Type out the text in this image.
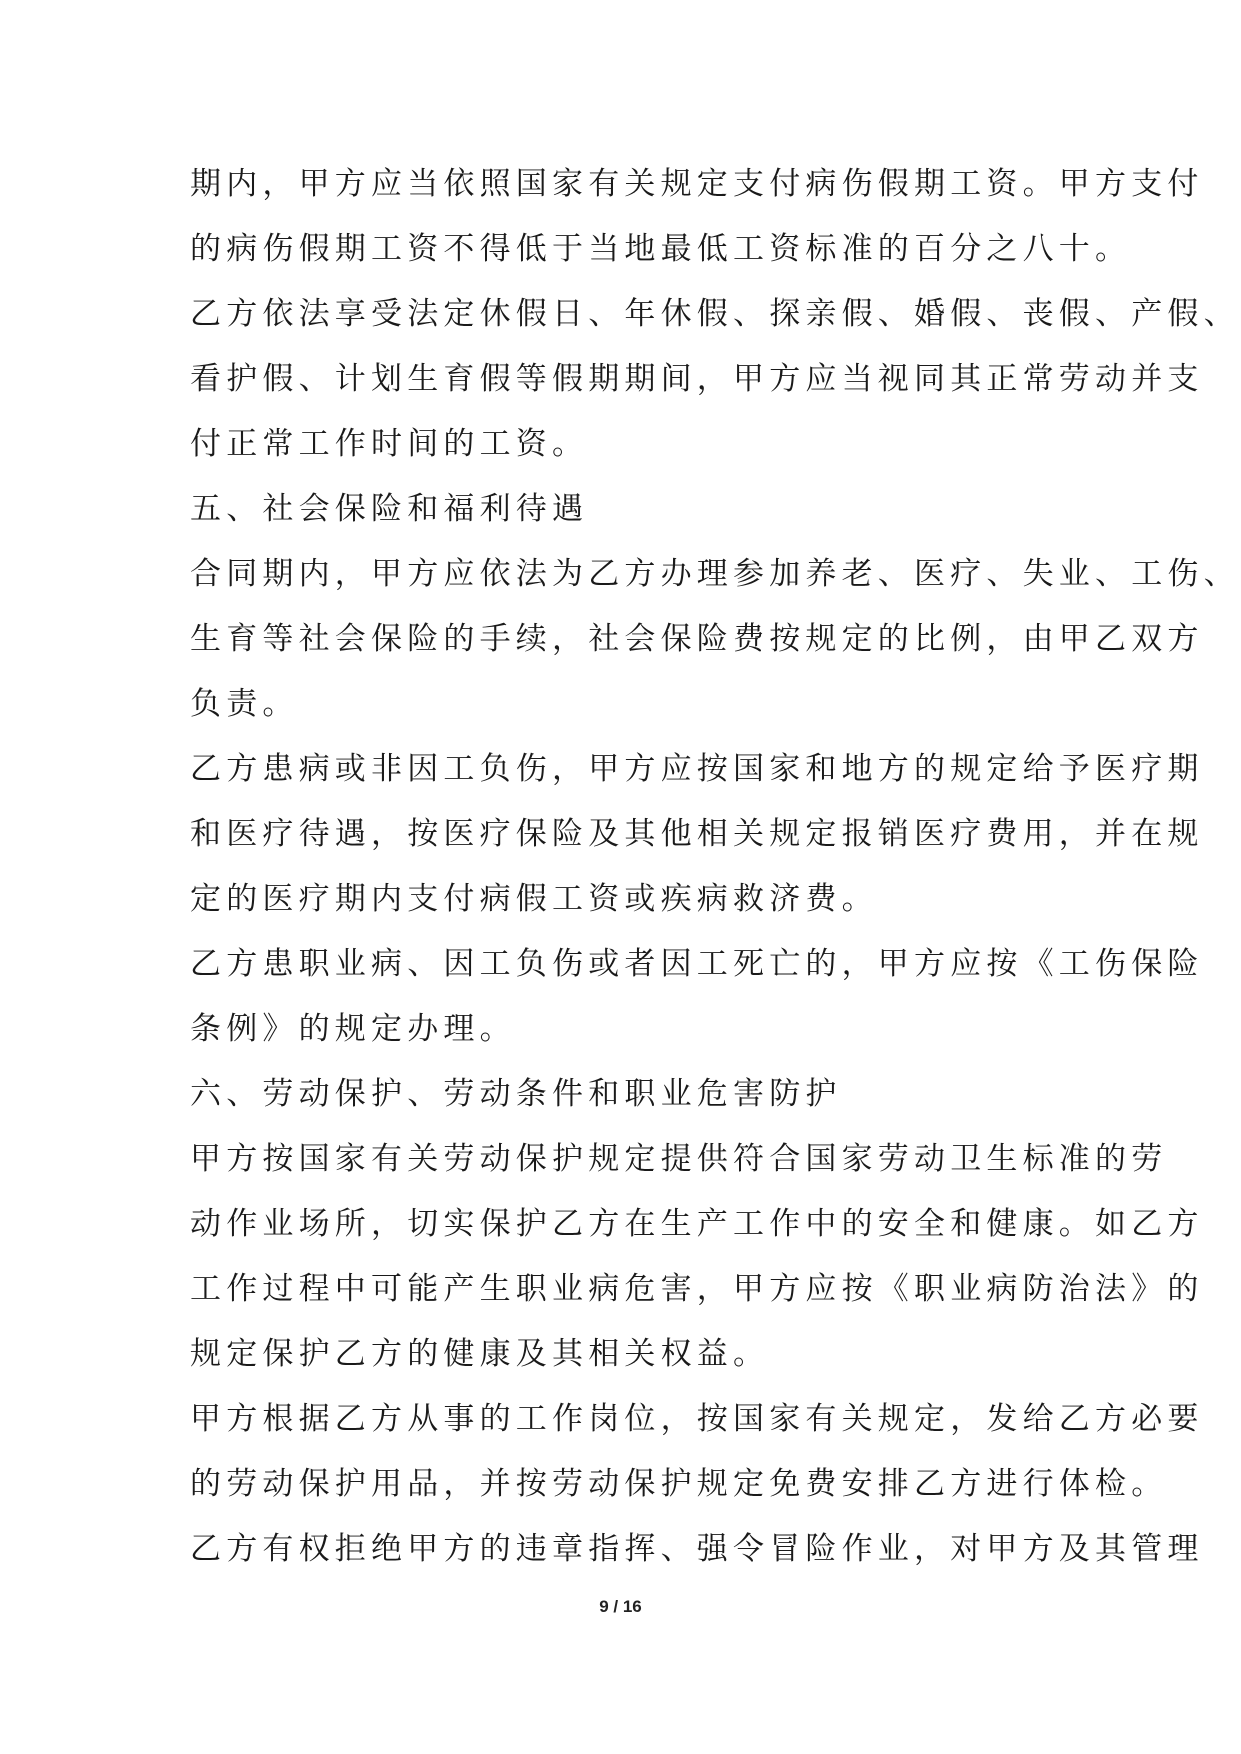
期内，甲方应当依照国家有关规定支付病伤假期工资。甲方支付
的病伤假期工资不得低于当地最低工资标准的百分之八十。
乙方依法享受法定休假日、年休假、探亲假、婚假、丧假、产假、
看护假、计划生育假等假期期间，甲方应当视同其正常劳动并支
付正常工作时间的工资。
五、社会保险和福利待遇
合同期内，甲方应依法为乙方办理参加养老、医疗、失业、工伤、
生育等社会保险的手续，社会保险费按规定的比例，由甲乙双方
负责。
乙方患病或非因工负伤，甲方应按国家和地方的规定给予医疗期
和医疗待遇，按医疗保险及其他相关规定报销医疗费用，并在规
定的医疗期内支付病假工资或疾病救济费。
乙方患职业病、因工负伤或者因工死亡的，甲方应按《工伤保险
条例》的规定办理。
六、劳动保护、劳动条件和职业危害防护
甲方按国家有关劳动保护规定提供符合国家劳动卫生标准的劳
动作业场所，切实保护乙方在生产工作中的安全和健康。如乙方
工作过程中可能产生职业病危害，甲方应按《职业病防治法》的
规定保护乙方的健康及其相关权益。
甲方根据乙方从事的工作岗位，按国家有关规定，发给乙方必要
的劳动保护用品，并按劳动保护规定免费安排乙方进行体检。
乙方有权拒绝甲方的违章指挥、强令冒险作业，对甲方及其管理
9 / 16
